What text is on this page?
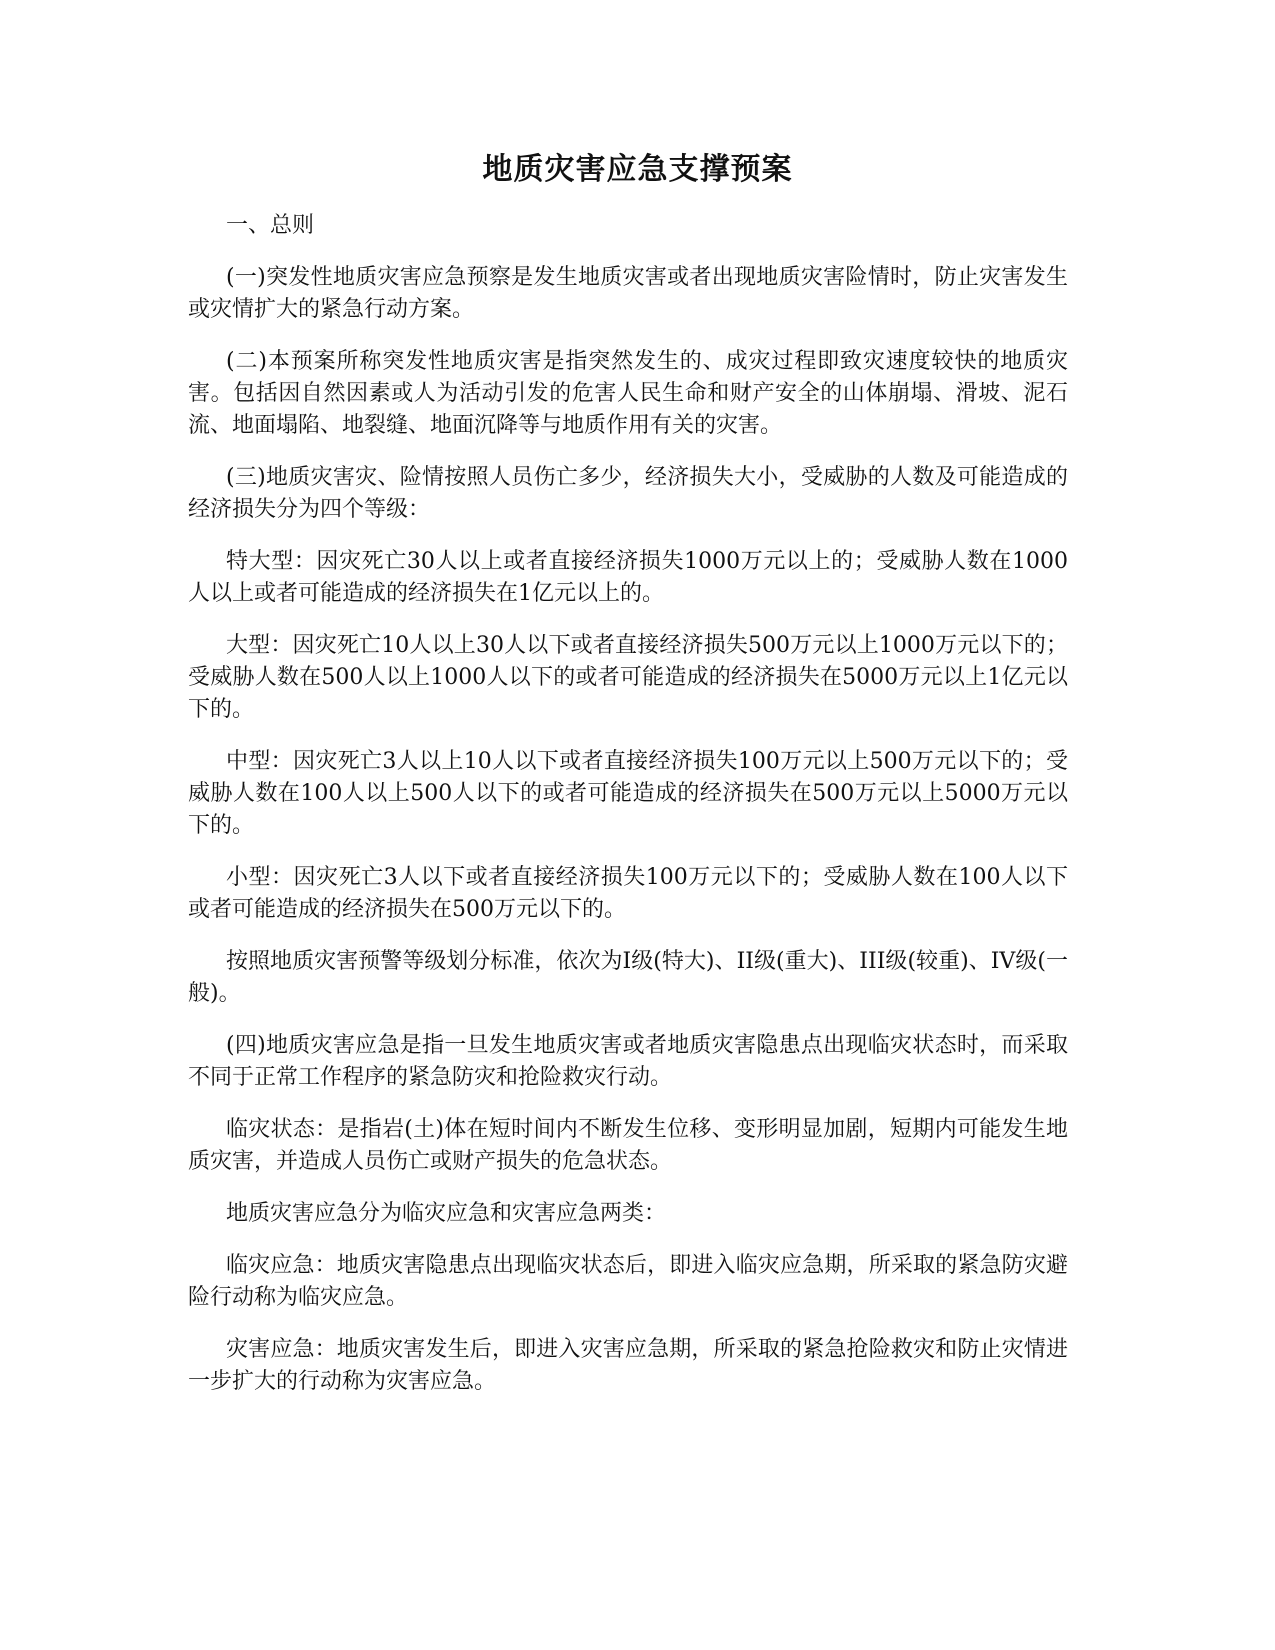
地质灾害应急支撑预案

一、总则

(一)突发性地质灾害应急预察是发生地质灾害或者出现地质灾害险情时，防止灾害发生或灾情扩大的紧急行动方案。

(二)本预案所称突发性地质灾害是指突然发生的、成灾过程即致灾速度较快的地质灾害。包括因自然因素或人为活动引发的危害人民生命和财产安全的山体崩塌、滑坡、泥石流、地面塌陷、地裂缝、地面沉降等与地质作用有关的灾害。

(三)地质灾害灾、险情按照人员伤亡多少，经济损失大小，受威胁的人数及可能造成的经济损失分为四个等级：

特大型：因灾死亡30人以上或者直接经济损失1000万元以上的；受威胁人数在1000人以上或者可能造成的经济损失在1亿元以上的。

大型：因灾死亡10人以上30人以下或者直接经济损失500万元以上1000万元以下的；受威胁人数在500人以上1000人以下的或者可能造成的经济损失在5000万元以上1亿元以下的。

中型：因灾死亡3人以上10人以下或者直接经济损失100万元以上500万元以下的；受威胁人数在100人以上500人以下的或者可能造成的经济损失在500万元以上5000万元以下的。

小型：因灾死亡3人以下或者直接经济损失100万元以下的；受威胁人数在100人以下或者可能造成的经济损失在500万元以下的。

按照地质灾害预警等级划分标准，依次为I级(特大)、II级(重大)、III级(较重)、IV级(一般)。

(四)地质灾害应急是指一旦发生地质灾害或者地质灾害隐患点出现临灾状态时，而采取不同于正常工作程序的紧急防灾和抢险救灾行动。

临灾状态：是指岩(土)体在短时间内不断发生位移、变形明显加剧，短期内可能发生地质灾害，并造成人员伤亡或财产损失的危急状态。

地质灾害应急分为临灾应急和灾害应急两类：

临灾应急：地质灾害隐患点出现临灾状态后，即进入临灾应急期，所采取的紧急防灾避险行动称为临灾应急。

灾害应急：地质灾害发生后，即进入灾害应急期，所采取的紧急抢险救灾和防止灾情进一步扩大的行动称为灾害应急。
